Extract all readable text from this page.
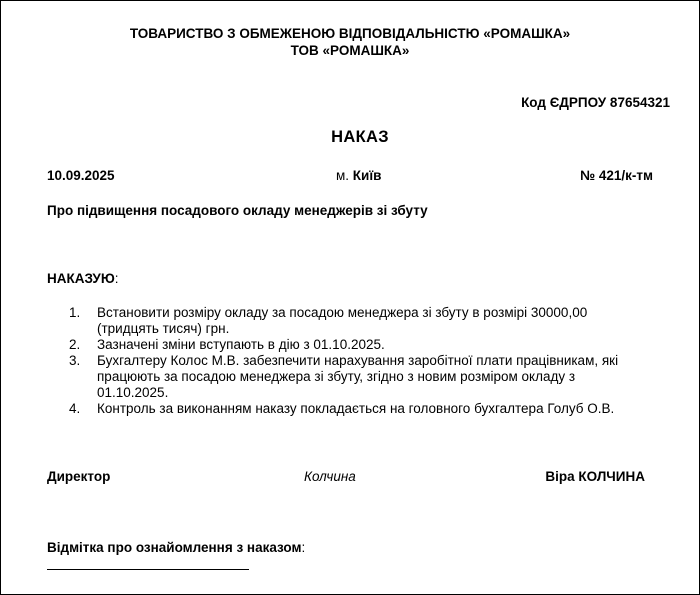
ТОВАРИСТВО З ОБМЕЖЕНОЮ ВІДПОВІДАЛЬНІСТЮ «РОМАШКА»
ТОВ «РОМАШКА»
Код ЄДРПОУ 87654321
НАКАЗ
10.09.2025	м. Київ	№ 421/к-тм
Про підвищення посадового окладу менеджерів зі збуту
НАКАЗУЮ:
1. Встановити розміру окладу за посадою менеджера зі збуту в розмірі 30000,00
(тридцять тисяч) грн.
2. Зазначені зміни вступають в дію з 01.10.2025.
3. Бухгалтеру Колос М.В. забезпечити нарахування заробітної плати працівникам, які
працюють за посадою менеджера зі збуту, згідно з новим розміром окладу з
01.10.2025.
4. Контроль за виконанням наказу покладається на головного бухгалтера Голуб О.В.
Директор	Колчина	Віра КОЛЧИНА
Відмітка про ознайомлення з наказом:
